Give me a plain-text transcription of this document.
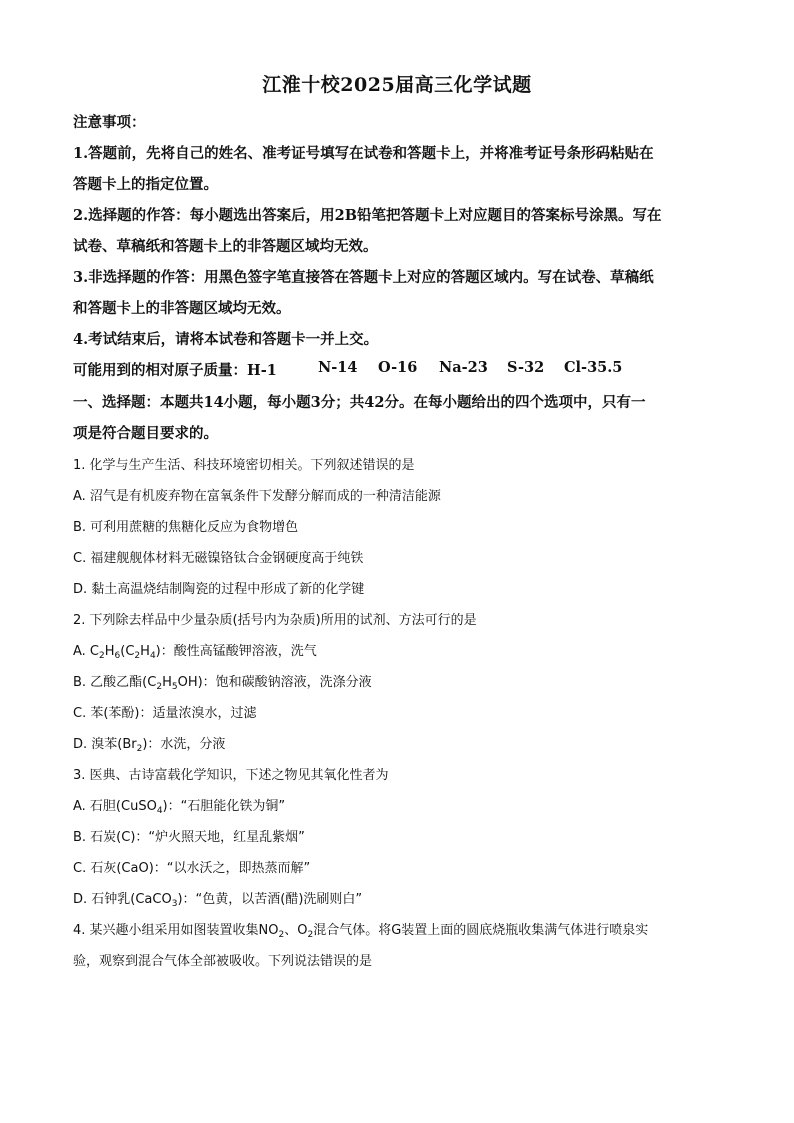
江淮十校2025届高三化学试题
注意事项：
1.答题前，先将自己的姓名、准考证号填写在试卷和答题卡上，并将准考证号条形码粘贴在
答题卡上的指定位置。
2.选择题的作答：每小题选出答案后，用2B铅笔把答题卡上对应题目的答案标号涂黑。写在
试卷、草稿纸和答题卡上的非答题区域均无效。
3.非选择题的作答：用黑色签字笔直接答在答题卡上对应的答题区域内。写在试卷、草稿纸
和答题卡上的非答题区域均无效。
4.考试结束后，请将本试卷和答题卡一并上交。
可能用到的相对原子质量：H-1	N-14 O-16 Na-23 S-32 Cl-35.5
一、选择题：本题共14小题，每小题3分；共42分。在每小题给出的四个选项中，只有一
项是符合题目要求的。
1. 化学与生产生活、科技环境密切相关。下列叙述错误的是
A. 沼气是有机废弃物在富氧条件下发酵分解而成的一种清洁能源
B. 可利用蔗糖的焦糖化反应为食物增色
C. 福建舰舰体材料无磁镍铬钛合金钢硬度高于纯铁
D. 黏土高温烧结制陶瓷的过程中形成了新的化学键
2. 下列除去样品中少量杂质(括号内为杂质)所用的试剂、方法可行的是
A. $C_2H_6(C_2H_4)$：酸性高锰酸钾溶液，洗气
B. 乙酸乙酯$(C_2H_5OH)$：饱和碳酸钠溶液，洗涤分液
C. 苯(苯酚)：适量浓溴水，过滤
D. 溴苯$(Br_2)$：水洗，分液
3. 医典、古诗富载化学知识，下述之物见其氧化性者为
A. 石胆(CuSO$_4$)：“石胆能化铁为铜”
B. 石炭(C)：“炉火照天地，红星乱紫烟”
C. 石灰(CaO)：“以水沃之，即热蒸而解”
D. 石钟乳(CaCO$_3$)：“色黄，以苦酒(醋)洗刷则白”
4. 某兴趣小组采用如图装置收集$NO_2$、$O_2$混合气体。将G装置上面的圆底烧瓶收集满气体进行喷泉实
验，观察到混合气体全部被吸收。下列说法错误的是
